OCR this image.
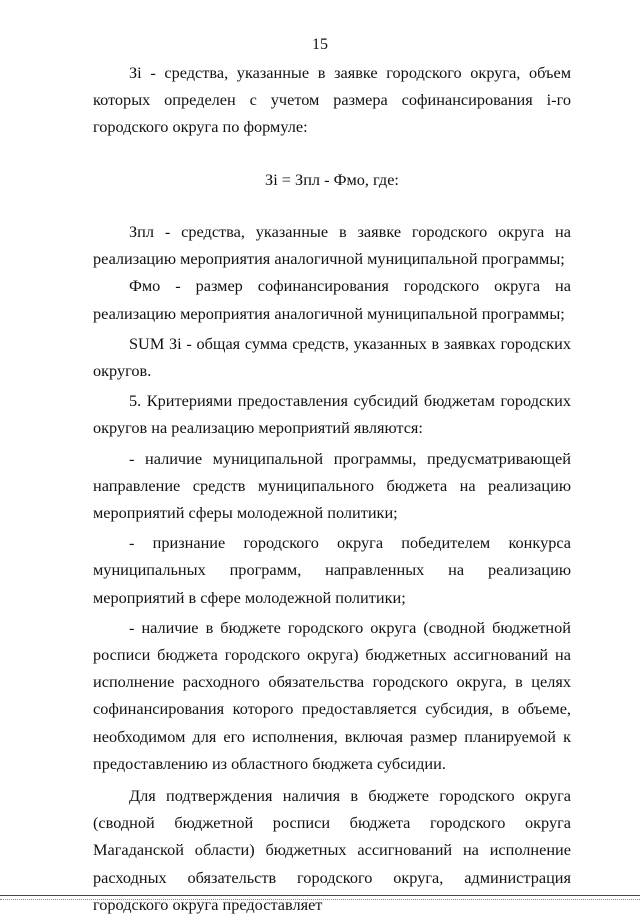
15

Зi - средства, указанные в заявке городского округа, объем которых определен с учетом размера софинансирования i-го городского округа по формуле:

Зi = Зпл - Фмо, где:

Зпл - средства, указанные в заявке городского округа на реализацию мероприятия аналогичной муниципальной программы;

Фмо - размер софинансирования городского округа на реализацию мероприятия аналогичной муниципальной программы;

SUM Зi - общая сумма средств, указанных в заявках городских округов.

5. Критериями предоставления субсидий бюджетам городских округов на реализацию мероприятий являются:

- наличие муниципальной программы, предусматривающей направление средств муниципального бюджета на реализацию мероприятий сферы молодежной политики;

- признание городского округа победителем конкурса муниципальных программ, направленных на реализацию мероприятий в сфере молодежной политики;

- наличие в бюджете городского округа (сводной бюджетной росписи бюджета городского округа) бюджетных ассигнований на исполнение расходного обязательства городского округа, в целях софинансирования которого предоставляется субсидия, в объеме, необходимом для его исполнения, включая размер планируемой к предоставлению из областного бюджета субсидии.

Для подтверждения наличия в бюджете городского округа (сводной бюджетной росписи бюджета городского округа Магаданской области) бюджетных ассигнований на исполнение расходных обязательств городского округа, администрация городского округа предоставляет
